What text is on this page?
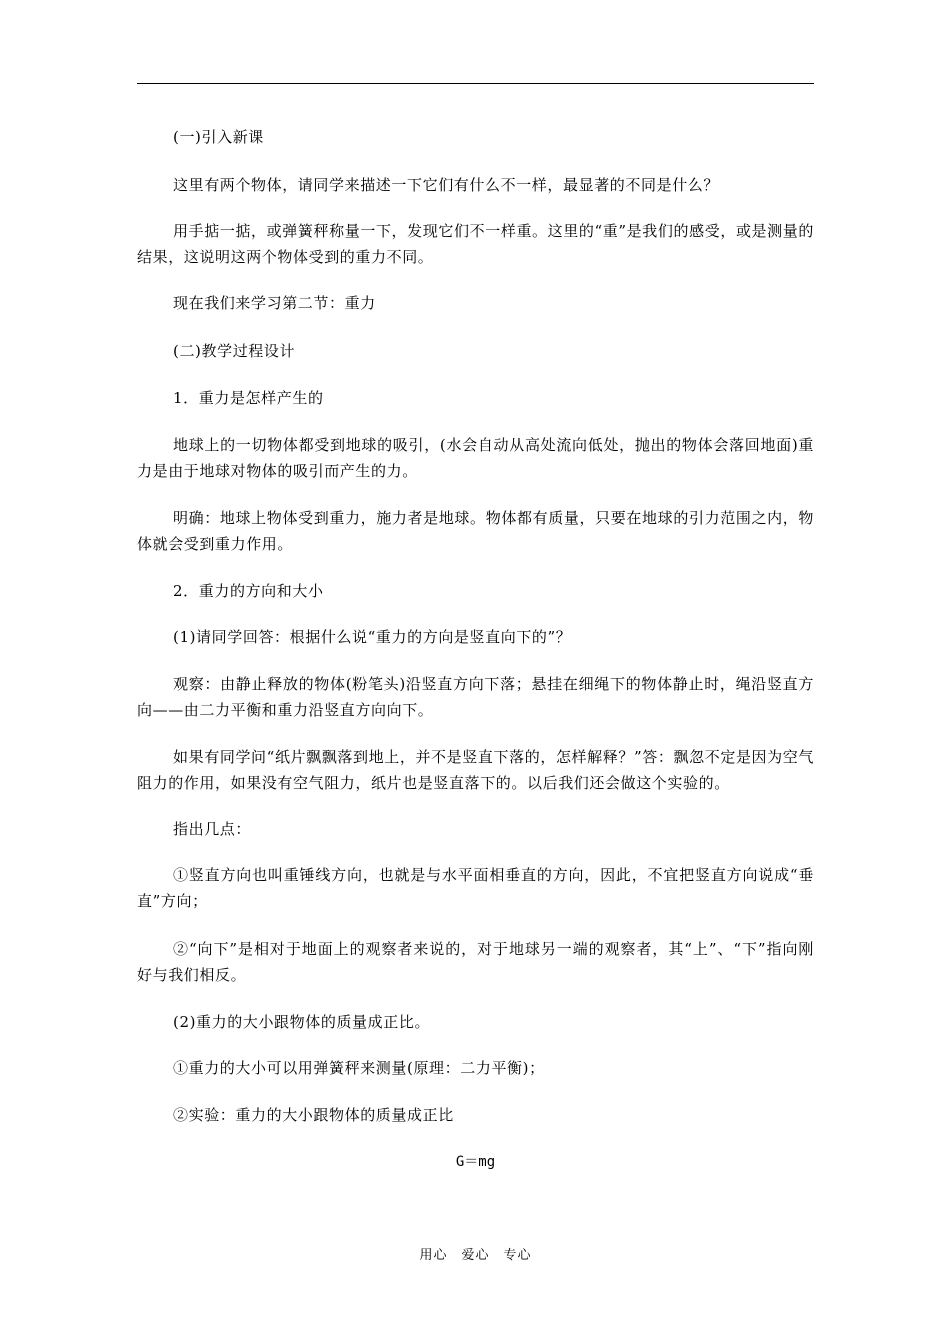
(一)引入新课

这里有两个物体，请同学来描述一下它们有什么不一样，最显著的不同是什么？

用手掂一掂，或弹簧秤称量一下，发现它们不一样重。这里的“重”是我们的感受，或是测量的结果，这说明这两个物体受到的重力不同。

现在我们来学习第二节：重力

(二)教学过程设计

1．重力是怎样产生的

地球上的一切物体都受到地球的吸引，(水会自动从高处流向低处，抛出的物体会落回地面)重力是由于地球对物体的吸引而产生的力。

明确：地球上物体受到重力，施力者是地球。物体都有质量，只要在地球的引力范围之内，物体就会受到重力作用。

2．重力的方向和大小

(1)请同学回答：根据什么说“重力的方向是竖直向下的”？

观察：由静止释放的物体(粉笔头)沿竖直方向下落；悬挂在细绳下的物体静止时，绳沿竖直方向——由二力平衡和重力沿竖直方向向下。

如果有同学问“纸片飘飘落到地上，并不是竖直下落的，怎样解释？”答：飘忽不定是因为空气阻力的作用，如果没有空气阻力，纸片也是竖直落下的。以后我们还会做这个实验的。

指出几点：

①竖直方向也叫重锤线方向，也就是与水平面相垂直的方向，因此，不宜把竖直方向说成“垂直”方向；

②“向下”是相对于地面上的观察者来说的，对于地球另一端的观察者，其“上”、“下”指向刚好与我们相反。

(2)重力的大小跟物体的质量成正比。

①重力的大小可以用弹簧秤来测量(原理：二力平衡)；

②实验：重力的大小跟物体的质量成正比

G＝mg
用心　爱心　专心
